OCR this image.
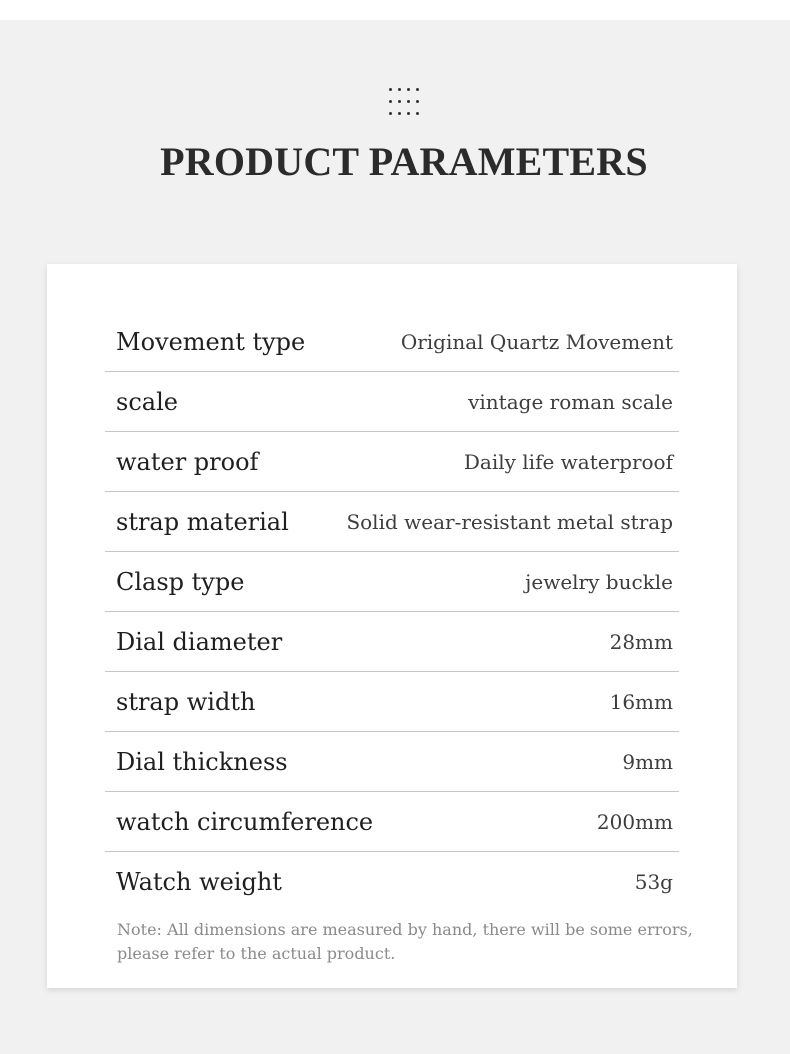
PRODUCT PARAMETERS
Movement type	Original Quartz Movement
scale	vintage roman scale
water proof	Daily life waterproof
strap material	Solid wear-resistant metal strap
Clasp type	jewelry buckle
Dial diameter	28mm
strap width	16mm
Dial thickness	9mm
watch circumference	200mm
Watch weight	53g
Note: All dimensions are measured by hand, there will be some errors,
please refer to the actual product.
